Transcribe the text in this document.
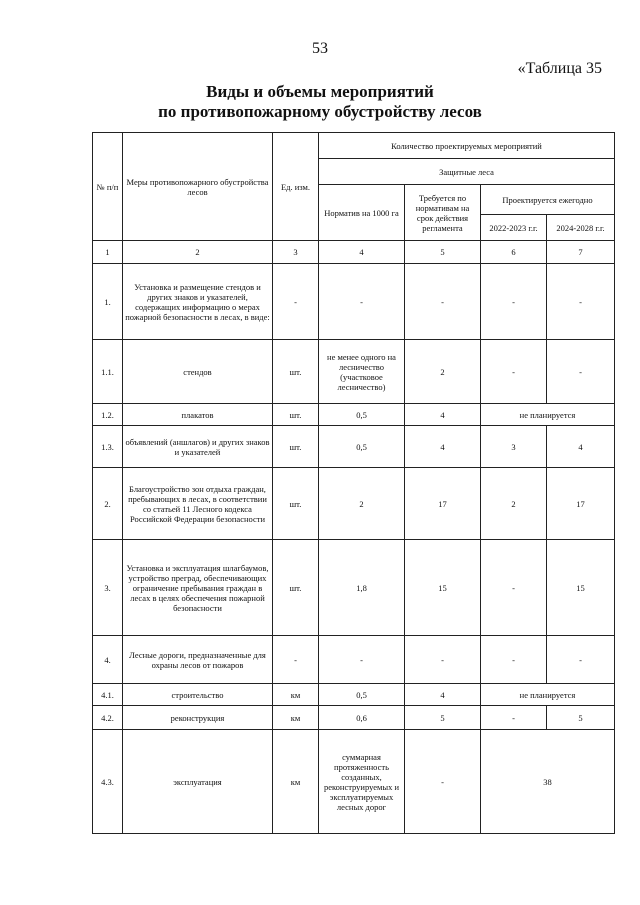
53
«Таблица 35
Виды и объемы мероприятий
по противопожарному обустройству лесов
№ п/п	Меры противопожарного обустройства лесов	Ед. изм.	Количество проектируемых мероприятий			
			Защитные леса			
			Норматив на 1000 га	Требуется по нормативам на срок действия регламента	Проектируется ежегодно	
					2022-2023 г.г.	2024-2028 г.г.
1	2	3	4	5	6	7
1.	Установка и размещение стендов и других знаков и указателей, содержащих информацию о мерах пожарной безопасности в лесах, в виде:	-	-	-	-	-
1.1.	стендов	шт.	не менее одного на лесничество (участковое лесничество)	2	-	-
1.2.	плакатов	шт.	0,5	4	не планируется	
1.3.	объявлений (аншлагов) и других знаков и указателей	шт.	0,5	4	3	4
2.	Благоустройство зон отдыха граждан, пребывающих в лесах, в соответствии со статьей 11 Лесного кодекса Российской Федерации безопасности	шт.	2	17	2	17
3.	Установка и эксплуатация шлагбаумов, устройство преград, обеспечивающих ограничение пребывания граждан в лесах в целях обеспечения пожарной безопасности	шт.	1,8	15	-	15
4.	Лесные дороги, предназначенные для охраны лесов от пожаров	-	-	-	-	-
4.1.	строительство	км	0,5	4	не планируется	
4.2.	реконструкция	км	0,6	5	-	5
4.3.	эксплуатация	км	суммарная протяженность созданных, реконструируемых и эксплуатируемых лесных дорог	-	38	
